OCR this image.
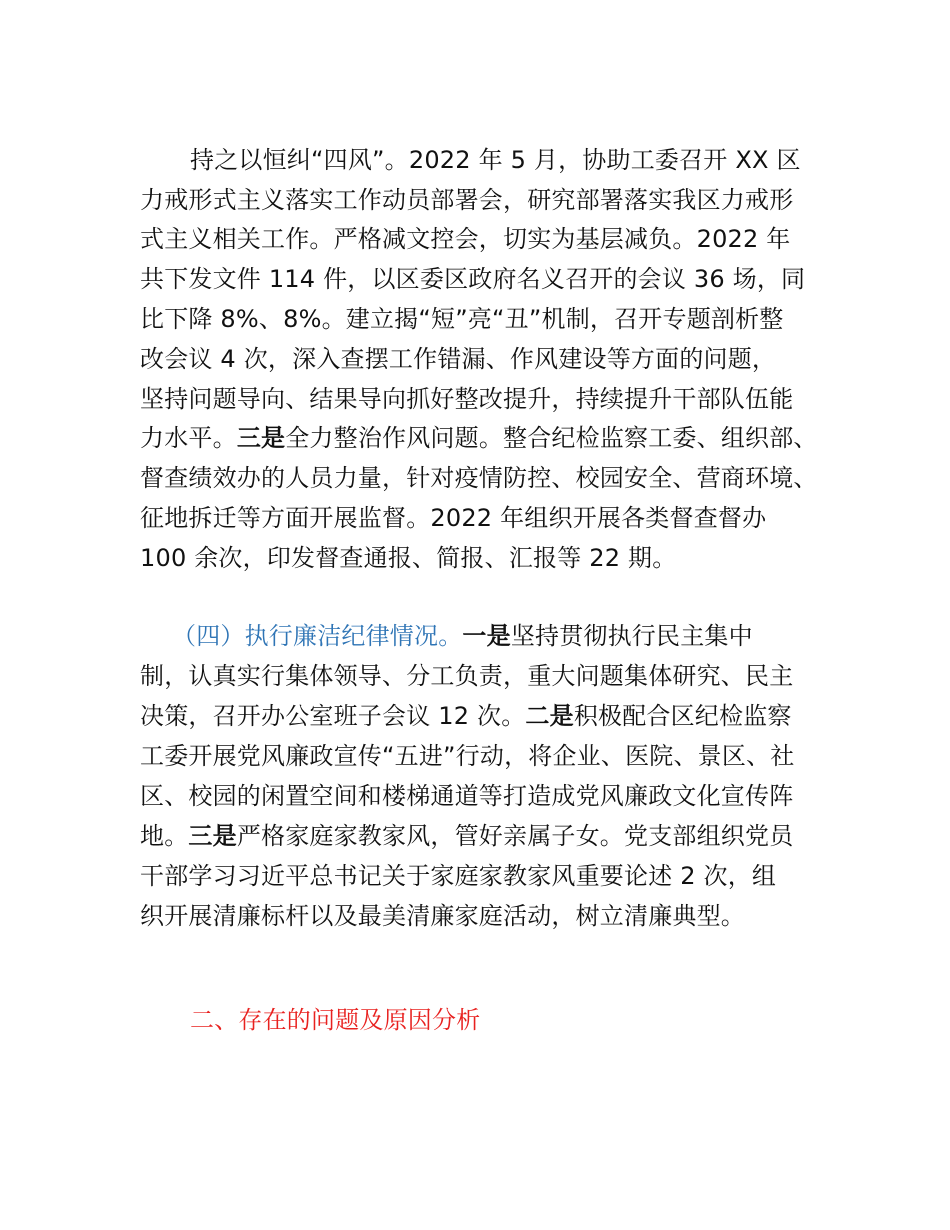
持之以恒纠“四风”。2022 年 5 月，协助工委召开 XX 区
力戒形式主义落实工作动员部署会，研究部署落实我区力戒形
式主义相关工作。严格减文控会，切实为基层减负。2022 年
共下发文件 114 件，以区委区政府名义召开的会议 36 场，同
比下降 8%、8%。建立揭“短”亮“丑”机制，召开专题剖析整
改会议 4 次，深入查摆工作错漏、作风建设等方面的问题，
坚持问题导向、结果导向抓好整改提升，持续提升干部队伍能
力水平。三是全力整治作风问题。整合纪检监察工委、组织部、
督查绩效办的人员力量，针对疫情防控、校园安全、营商环境、
征地拆迁等方面开展监督。2022 年组织开展各类督查督办
100 余次，印发督查通报、简报、汇报等 22 期。
（四）执行廉洁纪律情况。一是坚持贯彻执行民主集中
制，认真实行集体领导、分工负责，重大问题集体研究、民主
决策，召开办公室班子会议 12 次。二是积极配合区纪检监察
工委开展党风廉政宣传“五进”行动，将企业、医院、景区、社
区、校园的闲置空间和楼梯通道等打造成党风廉政文化宣传阵
地。三是严格家庭家教家风，管好亲属子女。党支部组织党员
干部学习习近平总书记关于家庭家教家风重要论述 2 次，组
织开展清廉标杆以及最美清廉家庭活动，树立清廉典型。
二、存在的问题及原因分析
